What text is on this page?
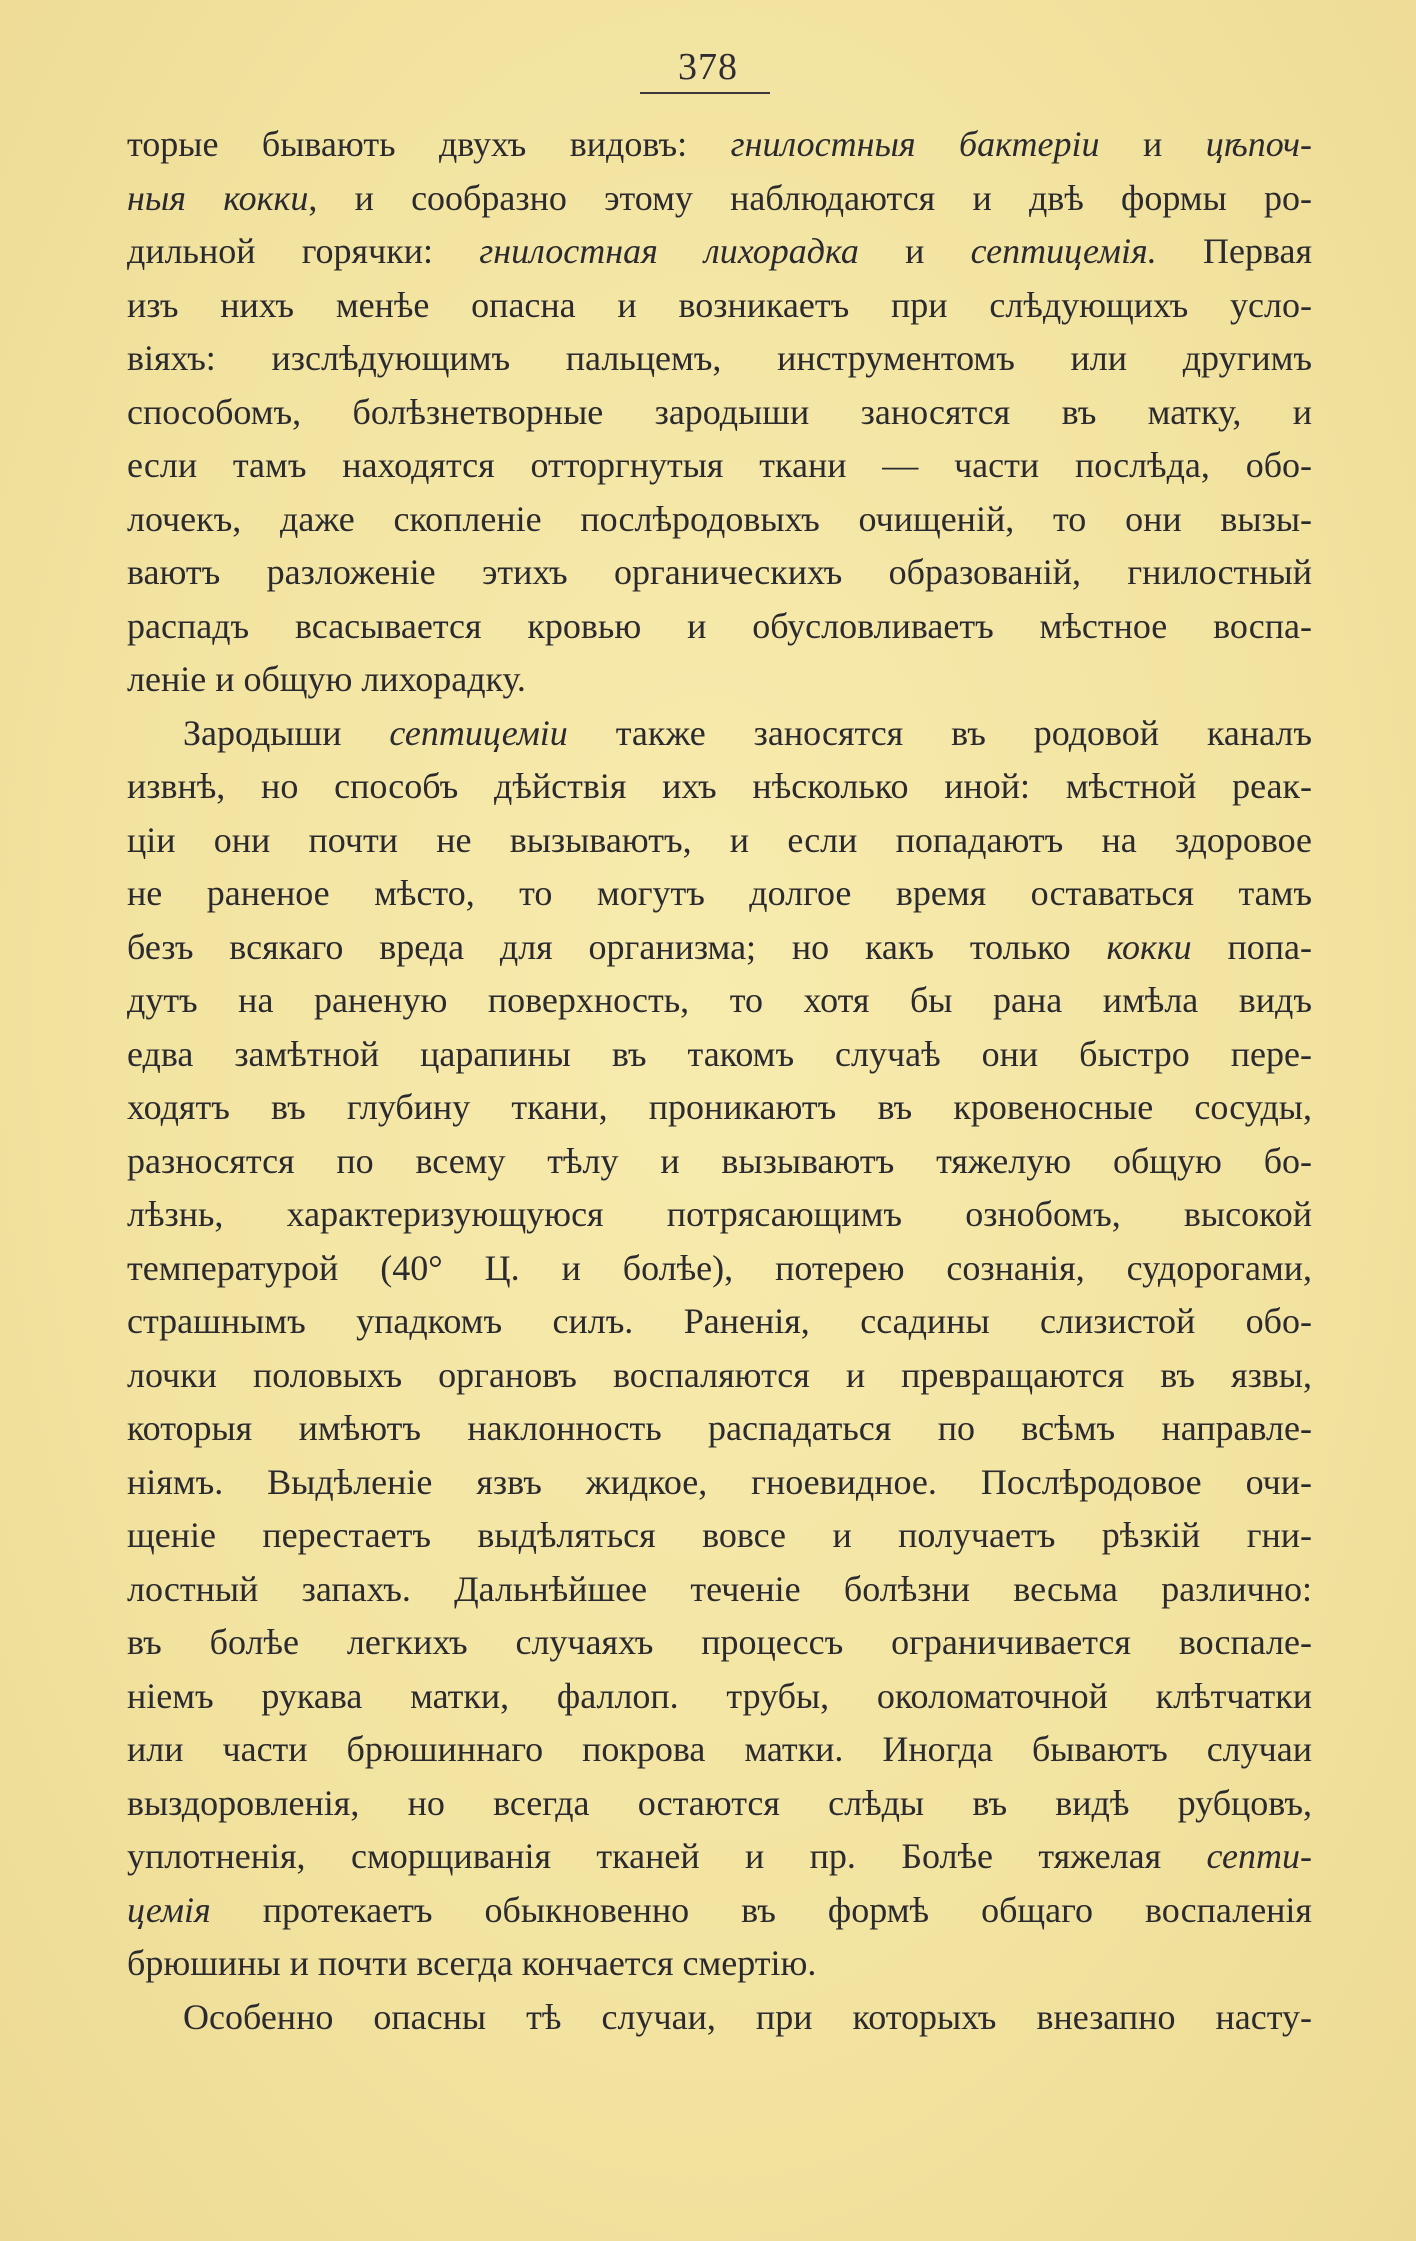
378
торые бывають двухъ видовъ: гнилостныя бактеріи и цѣпоч-
ныя кокки, и сообразно этому наблюдаются и двѣ формы ро-
дильной горячки: гнилостная лихорадка и септицемія. Первая
изъ нихъ менѣе опасна и возникаетъ при слѣдующихъ усло-
віяхъ: изслѣдующимъ пальцемъ, инструментомъ или другимъ
способомъ, болѣзнетворные зародыши заносятся въ матку, и
если тамъ находятся отторгнутыя ткани — части послѣда, обо-
лочекъ, даже скопленіе послѣродовыхъ очищеній, то они вызы-
ваютъ разложеніе этихъ органическихъ образованій, гнилостный
распадъ всасывается кровью и обусловливаетъ мѣстное воспа-
леніе и общую лихорадку.
Зародыши септицеміи также заносятся въ родовой каналъ
извнѣ, но способъ дѣйствія ихъ нѣсколько иной: мѣстной реак-
ціи они почти не вызываютъ, и если попадаютъ на здоровое
не раненое мѣсто, то могутъ долгое время оставаться тамъ
безъ всякаго вреда для организма; но какъ только кокки попа-
дутъ на раненую поверхность, то хотя бы рана имѣла видъ
едва замѣтной царапины въ такомъ случаѣ они быстро пере-
ходятъ въ глубину ткани, проникаютъ въ кровеносные сосуды,
разносятся по всему тѣлу и вызываютъ тяжелую общую бо-
лѣзнь, характеризующуюся потрясающимъ ознобомъ, высокой
температурой (40° Ц. и болѣе), потерею сознанія, судорогами,
страшнымъ упадкомъ силъ. Раненія, ссадины слизистой обо-
лочки половыхъ органовъ воспаляются и превращаются въ язвы,
которыя имѣютъ наклонность распадаться по всѣмъ направле-
ніямъ. Выдѣленіе язвъ жидкое, гноевидное. Послѣродовое очи-
щеніе перестаетъ выдѣляться вовсе и получаетъ рѣзкій гни-
лостный запахъ. Дальнѣйшее теченіе болѣзни весьма различно:
въ болѣе легкихъ случаяхъ процессъ ограничивается воспале-
ніемъ рукава матки, фаллоп. трубы, околоматочной клѣтчатки
или части брюшиннаго покрова матки. Иногда бываютъ случаи
выздоровленія, но всегда остаются слѣды въ видѣ рубцовъ,
уплотненія, сморщиванія тканей и пр. Болѣе тяжелая септи-
цемія протекаетъ обыкновенно въ формѣ общаго воспаленія
брюшины и почти всегда кончается смертію.
Особенно опасны тѣ случаи, при которыхъ внезапно насту-
